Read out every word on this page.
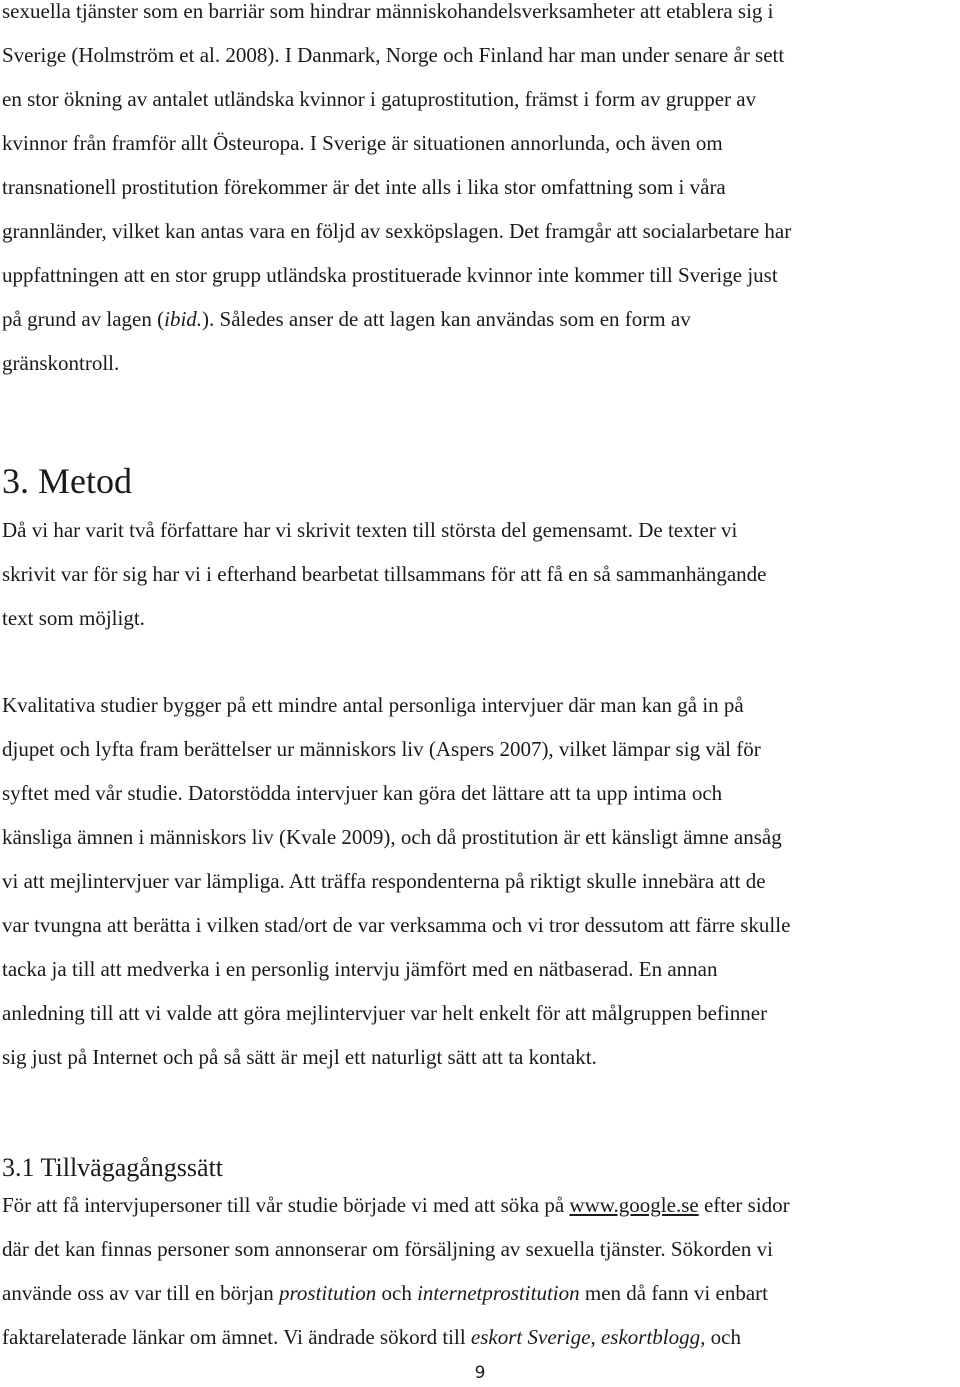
sexuella tjänster som en barriär som hindrar människohandelsverksamheter att etablera sig i
Sverige (Holmström et al. 2008). I Danmark, Norge och Finland har man under senare år sett
en stor ökning av antalet utländska kvinnor i gatuprostitution, främst i form av grupper av
kvinnor från framför allt Östeuropa. I Sverige är situationen annorlunda, och även om
transnationell prostitution förekommer är det inte alls i lika stor omfattning som i våra
grannländer, vilket kan antas vara en följd av sexköpslagen. Det framgår att socialarbetare har
uppfattningen att en stor grupp utländska prostituerade kvinnor inte kommer till Sverige just
på grund av lagen (ibid.). Således anser de att lagen kan användas som en form av
gränskontroll.

3. Metod

Då vi har varit två författare har vi skrivit texten till största del gemensamt. De texter vi
skrivit var för sig har vi i efterhand bearbetat tillsammans för att få en så sammanhängande
text som möjligt.

Kvalitativa studier bygger på ett mindre antal personliga intervjuer där man kan gå in på
djupet och lyfta fram berättelser ur människors liv (Aspers 2007), vilket lämpar sig väl för
syftet med vår studie. Datorstödda intervjuer kan göra det lättare att ta upp intima och
känsliga ämnen i människors liv (Kvale 2009), och då prostitution är ett känsligt ämne ansåg
vi att mejlintervjuer var lämpliga. Att träffa respondenterna på riktigt skulle innebära att de
var tvungna att berätta i vilken stad/ort de var verksamma och vi tror dessutom att färre skulle
tacka ja till att medverka i en personlig intervju jämfört med en nätbaserad. En annan
anledning till att vi valde att göra mejlintervjuer var helt enkelt för att målgruppen befinner
sig just på Internet och på så sätt är mejl ett naturligt sätt att ta kontakt.

3.1 Tillvägagångssätt

För att få intervjupersoner till vår studie började vi med att söka på www.google.se efter sidor
där det kan finnas personer som annonserar om försäljning av sexuella tjänster. Sökorden vi
använde oss av var till en början prostitution och internetprostitution men då fann vi enbart
faktarelaterade länkar om ämnet. Vi ändrade sökord till eskort Sverige, eskortblogg, och

9
